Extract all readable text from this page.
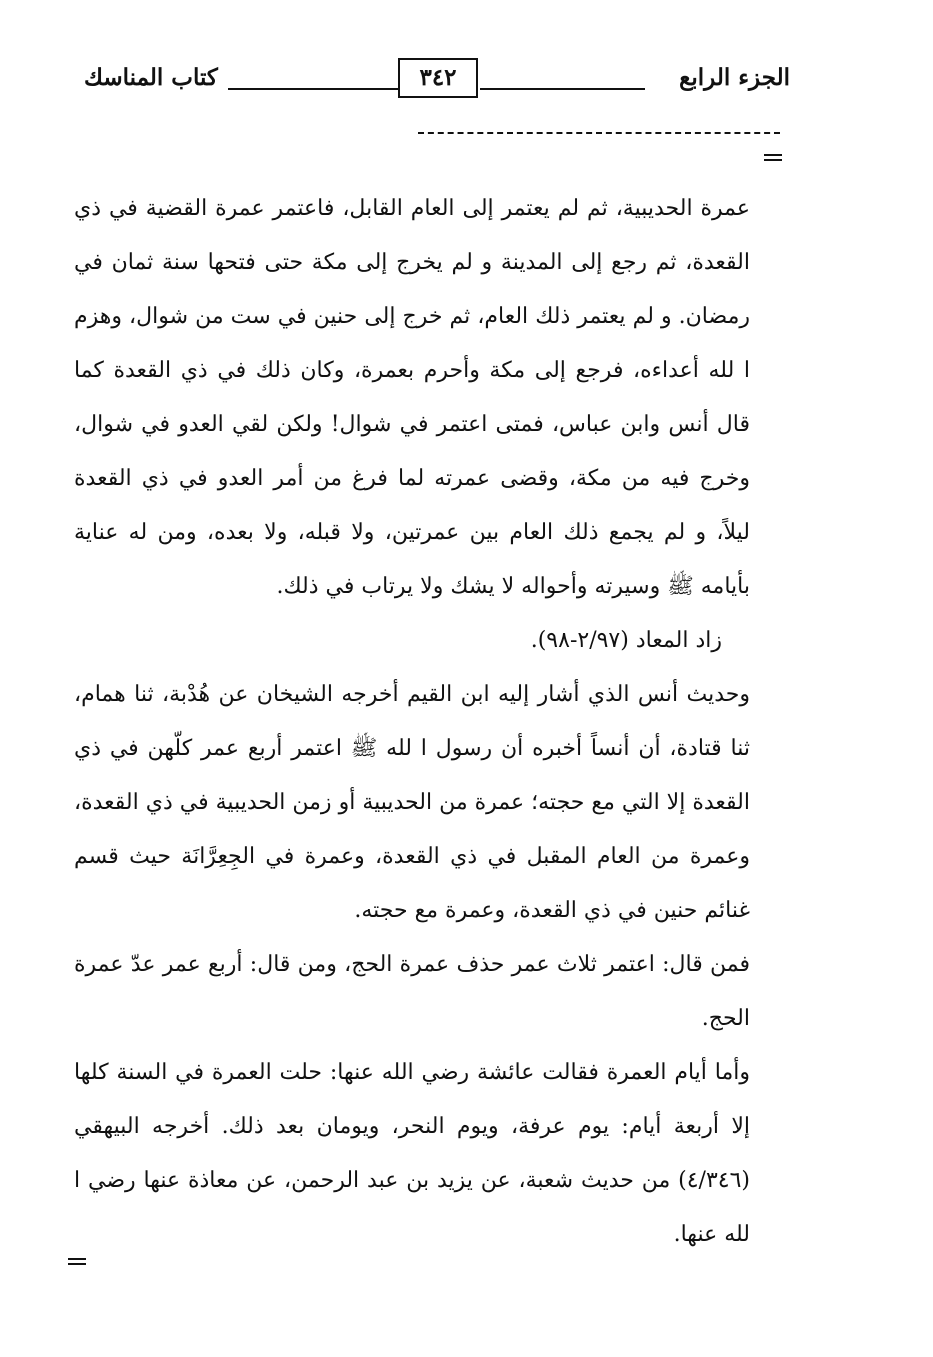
كتاب المناسك	٣٤٢	الجزء الرابع

عمرة الحديبية، ثم لم يعتمر إلى العام القابل، فاعتمر عمرة القضية في ذي القعدة، ثم رجع إلى المدينة و لم يخرج إلى مكة حتى فتحها سنة ثمان في رمضان. و لم يعتمر ذلك العام، ثم خرج إلى حنين في ست من شوال، وهزم ا لله أعداءه، فرجع إلى مكة وأحرم بعمرة، وكان ذلك في ذي القعدة كما قال أنس وابن عباس، فمتى اعتمر في شوال! ولكن لقي العدو في شوال، وخرج فيه من مكة، وقضى عمرته لما فرغ من أمر العدو في ذي القعدة ليلاً، و لم يجمع ذلك العام بين عمرتين، ولا قبله، ولا بعده، ومن له عناية بأيامه ﷺ وسيرته وأحواله لا يشك ولا يرتاب في ذلك.

زاد المعاد (٢/٩٧-٩٨).

وحديث أنس الذي أشار إليه ابن القيم أخرجه الشيخان عن هُدْبة، ثنا همام، ثنا قتادة، أن أنساً أخبره أن رسول ا لله ﷺ اعتمر أربع عمر كلّهن في ذي القعدة إلا التي مع حجته؛ عمرة من الحديبية أو زمن الحديبية في ذي القعدة، وعمرة من العام المقبل في ذي القعدة، وعمرة في الجِعِرَّانَة حيث قسم غنائم حنين في ذي القعدة، وعمرة مع حجته.

فمن قال: اعتمر ثلاث عمر حذف عمرة الحج، ومن قال: أربع عمر عدّ عمرة الحج.

وأما أيام العمرة فقالت عائشة رضي الله عنها: حلت العمرة في السنة كلها إلا أربعة أيام: يوم عرفة، ويوم النحر، ويومان بعد ذلك. أخرجه البيهقي (٤/٣٤٦) من حديث شعبة، عن يزيد بن عبد الرحمن، عن معاذة عنها رضي ا لله عنها.
